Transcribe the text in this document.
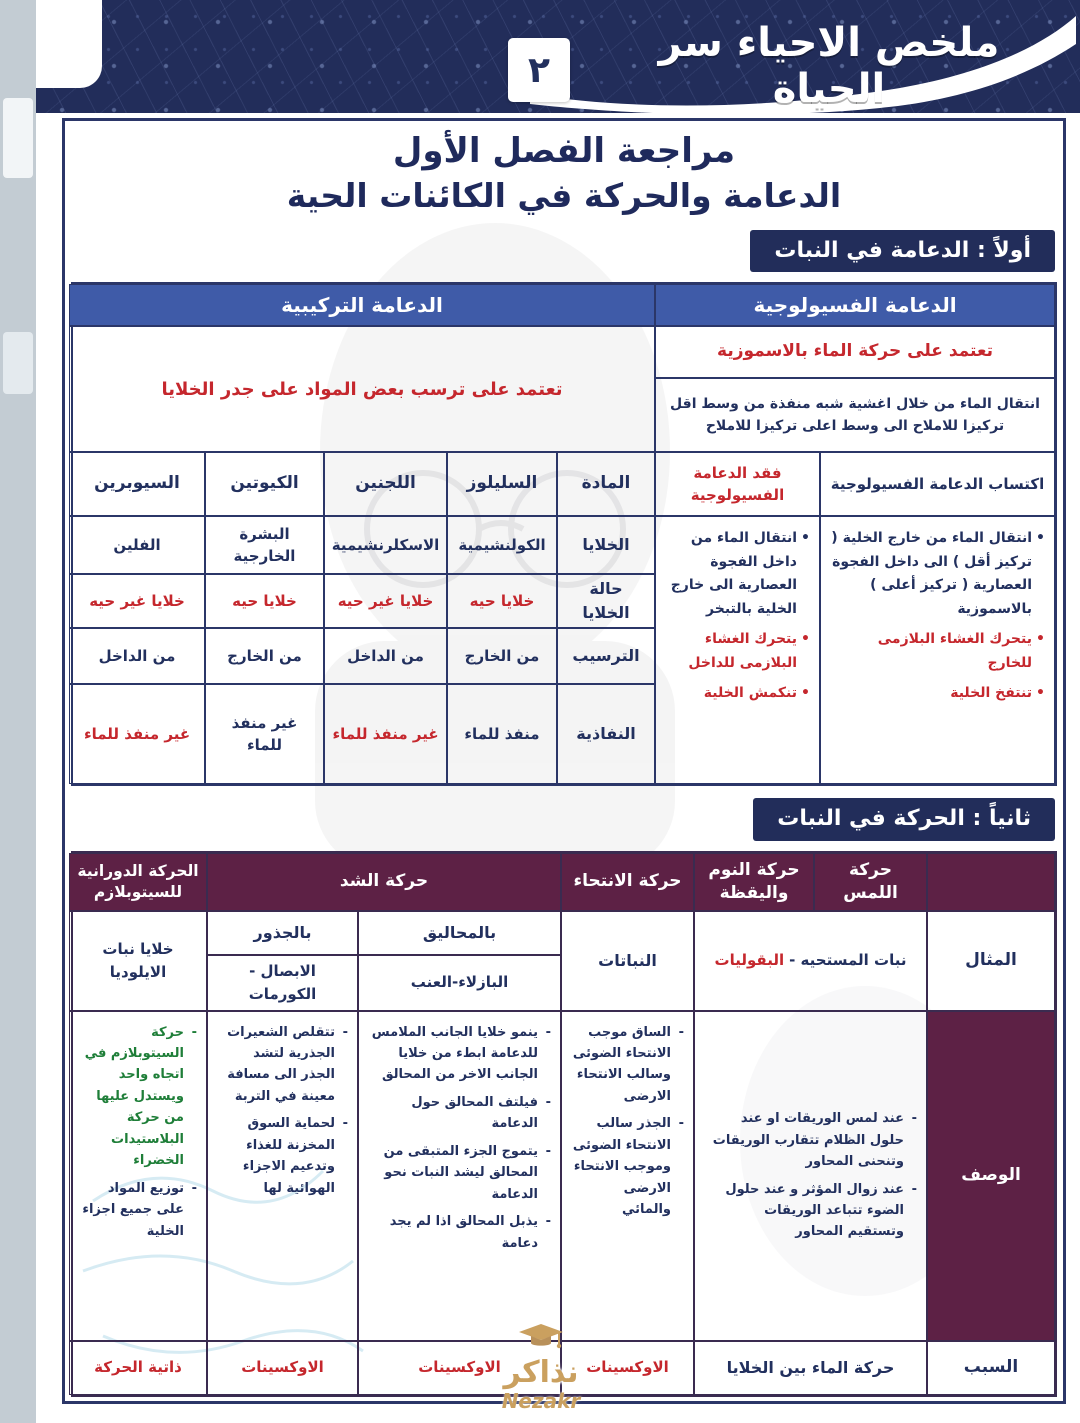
ملخص الاحياء سر الحياة
٢
مراجعة الفصل الأول
الدعامة والحركة في الكائنات الحية
أولاً : الدعامة في النبات
الدعامة الفسيولوجية
الدعامة التركيبية
تعتمد على حركة الماء بالاسموزية
تعتمد على ترسب بعض المواد على جدر الخلايا
انتقال الماء من خلال اغشية شبه منفذة من وسط اقل تركيزا للاملاح الى وسط اعلى تركيزا للاملاح
اكتساب الدعامة الفسيولوجية
فقد الدعامة الفسيولوجية
المادة
السليلوز
اللجنين
الكيوتين
السيوبرين
• انتقال الماء من خارج الخلية ( تركيز أقل ) الى داخل الفجوة العصارية ( تركيز أعلى ) بالاسموزية
• يتحرك الغشاء البلازمى للخارج
• تنتفخ الخلية
• انتقال الماء من داخل الفجوة العصارية الى خارج الخلية بالتبخر
• يتحرك الغشاء البلازمى للداخل
• تنكمش الخلية
الخلايا
حالة الخلايا
الترسيب
النفاذية
الكولنشيمية
الاسكلرنشيمية
البشرة الخارجية
الفلين
خلايا حيه
خلايا غير حيه
خلايا حيه
خلايا غير حيه
من الخارج
من الداخل
من الخارج
من الداخل
منفذ للماء
غير منفذ للماء
غير منفذ للماء
غير منفذ للماء
ثانياً : الحركة في النبات
حركة اللمس
حركة النوم واليقظة
حركة الانتحاء
حركة الشد
الحركة الدورانية للسيتوبلازم
المثال
نبات المستحيه -
البقوليات
النباتات
بالمحاليق
بالجذور
البازلاء-العنب
الابصال - الكورمات
خلايا نبات الايلوديا
الوصف
- عند لمس الوريقات او عند حلول الظلام تتقارب الوريقات وتنحنى المحاور
- عند زوال المؤثر و عند حلول الضوء تتباعد الوريقات وتستقيم المحاور
- الساق موجب الانتحاء الضوئى وسالب الانتحاء الارضى
- الجذر سالب الانتحاء الضوئى وموجب الانتحاء الارضى والمائي
- ينمو خلايا الجانب الملامس للدعامة ابطء من خلايا الجانب الاخر من المحالق
- فيلتف المحالق حول الدعامة
- يتموج الجزء المتبقى من المحالق ليشد النبات نحو الدعامة
- يذبل المحالق اذا لم يجد دعامة
- تتقلص الشعيرات الجذرية لتشد الجذر الى مسافة معينة في التربة
- لحماية السوق المخزنة للغذاء وتدعيم الاجزاء الهوائية لها
- حركة السيتوبلازم في اتجاه واحد ويستدل عليها من حركة البلاستيدات الخضراء
- توزيع المواد على جميع اجزاء الخلية
السبب
حركة الماء بين الخلايا
الاوكسينات
الاوكسينات
الاوكسينات
ذاتية الحركة	نذاكر
Nezakr
